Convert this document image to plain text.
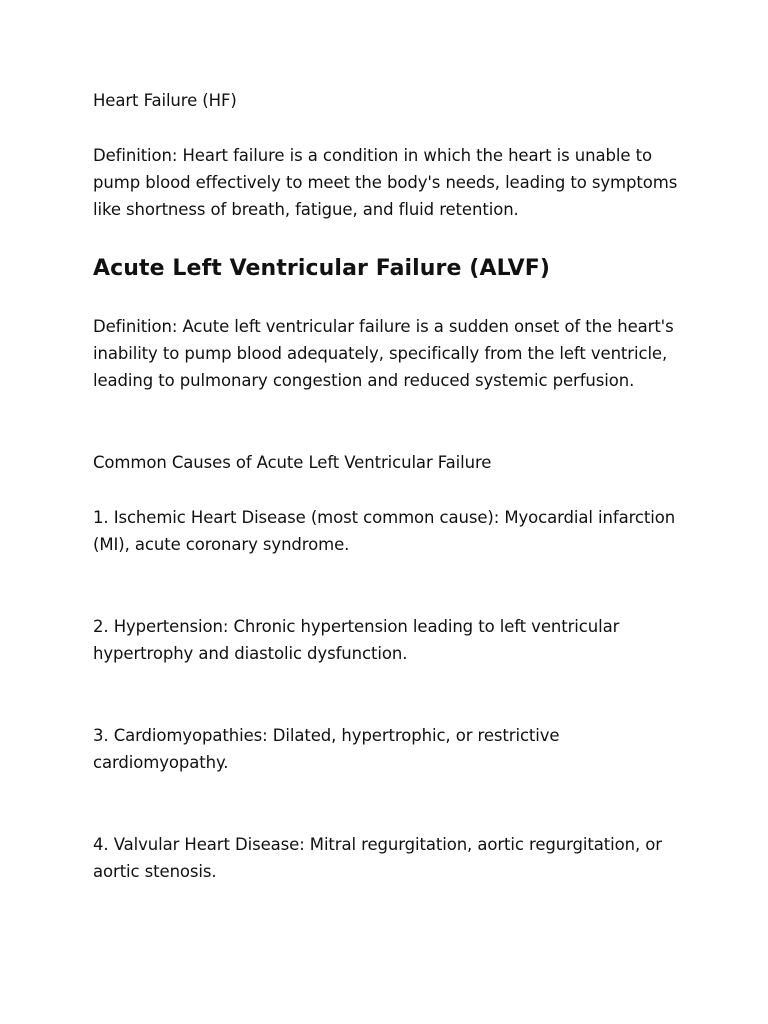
Heart Failure (HF)

Definition: Heart failure is a condition in which the heart is unable to pump blood effectively to meet the body's needs, leading to symptoms like shortness of breath, fatigue, and fluid retention.

Acute Left Ventricular Failure (ALVF)

Definition: Acute left ventricular failure is a sudden onset of the heart's inability to pump blood adequately, specifically from the left ventricle, leading to pulmonary congestion and reduced systemic perfusion.

Common Causes of Acute Left Ventricular Failure

1. Ischemic Heart Disease (most common cause): Myocardial infarction (MI), acute coronary syndrome.

2. Hypertension: Chronic hypertension leading to left ventricular hypertrophy and diastolic dysfunction.

3. Cardiomyopathies: Dilated, hypertrophic, or restrictive cardiomyopathy.

4. Valvular Heart Disease: Mitral regurgitation, aortic regurgitation, or aortic stenosis.
